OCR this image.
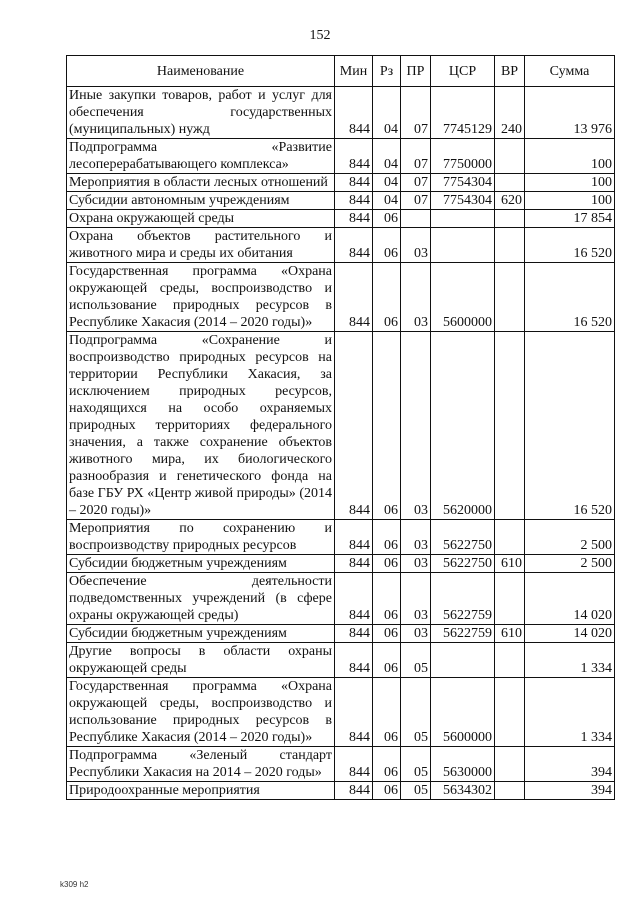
152
Наименование	Мин	Рз	ПР	ЦСР	ВР	Сумма
Иные закупки товаров, работ и услуг для обеспечения государственных (муниципальных) нужд	844	04	07	7745129	240	13 976
Подпрограмма «Развитие лесоперерабатывающего комплекса»	844	04	07	7750000		100
Мероприятия в области лесных отношений	844	04	07	7754304		100
Субсидии автономным учреждениям	844	04	07	7754304	620	100
Охрана окружающей среды	844	06				17 854
Охрана объектов растительного и животного мира и среды их обитания	844	06	03			16 520
Государственная программа «Охрана окружающей среды, воспроизводство и использование природных ресурсов в Республике Хакасия (2014 – 2020 годы)»	844	06	03	5600000		16 520
Подпрограмма «Сохранение и воспроизводство природных ресурсов на территории Республики Хакасия, за исключением природных ресурсов, находящихся на особо охраняемых природных территориях федерального значения, а также сохранение объектов животного мира, их биологического разнообразия и генетического фонда на базе ГБУ РХ «Центр живой природы» (2014 – 2020 годы)»	844	06	03	5620000		16 520
Мероприятия по сохранению и воспроизводству природных ресурсов	844	06	03	5622750		2 500
Субсидии бюджетным учреждениям	844	06	03	5622750	610	2 500
Обеспечение деятельности подведомственных учреждений (в сфере охраны окружающей среды)	844	06	03	5622759		14 020
Субсидии бюджетным учреждениям	844	06	03	5622759	610	14 020
Другие вопросы в области охраны окружающей среды	844	06	05			1 334
Государственная программа «Охрана окружающей среды, воспроизводство и использование природных ресурсов в Республике Хакасия (2014 – 2020 годы)»	844	06	05	5600000		1 334
Подпрограмма «Зеленый стандарт Республики Хакасия на 2014 – 2020 годы»	844	06	05	5630000		394
Природоохранные мероприятия	844	06	05	5634302		394
k309 h2
